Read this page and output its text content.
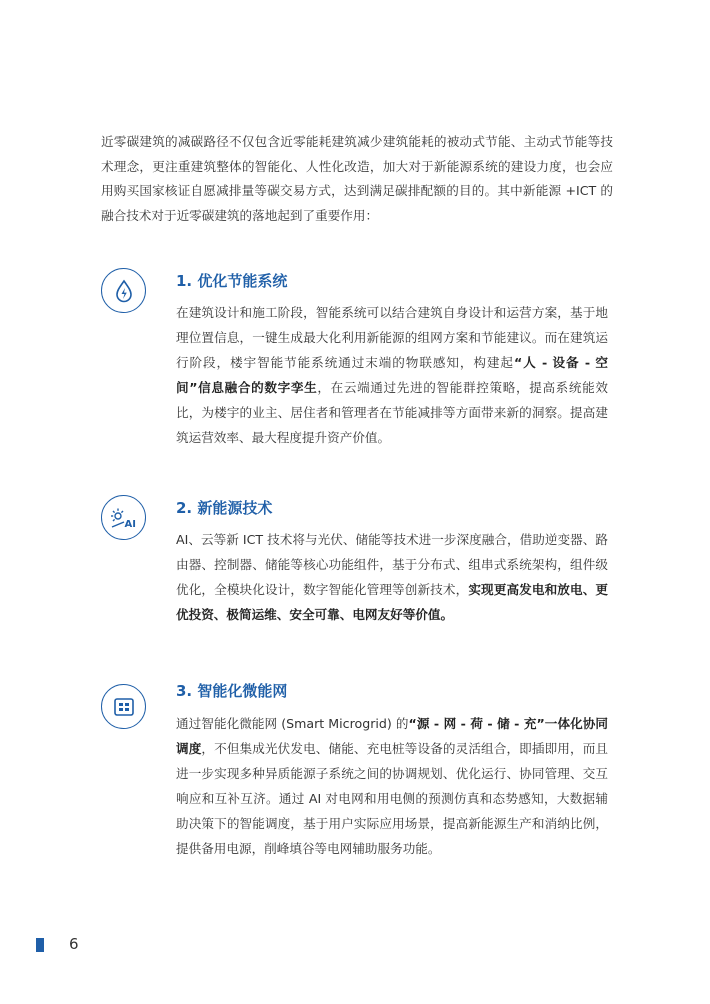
近零碳建筑的减碳路径不仅包含近零能耗建筑减少建筑能耗的被动式节能、主动式节能等技术理念，更注重建筑整体的智能化、人性化改造，加大对于新能源系统的建设力度，也会应用购买国家核证自愿减排量等碳交易方式，达到满足碳排配额的目的。其中新能源 +ICT 的融合技术对于近零碳建筑的落地起到了重要作用：
1. 优化节能系统
在建筑设计和施工阶段，智能系统可以结合建筑自身设计和运营方案，基于地理位置信息，一键生成最大化利用新能源的组网方案和节能建议。而在建筑运行阶段，楼宇智能节能系统通过末端的物联感知，构建起“人 - 设备 - 空间”信息融合的数字孪生，在云端通过先进的智能群控策略，提高系统能效比，为楼宇的业主、居住者和管理者在节能减排等方面带来新的洞察。提高建筑运营效率、最大程度提升资产价值。
AI
2. 新能源技术
AI、云等新 ICT 技术将与光伏、储能等技术进一步深度融合，借助逆变器、路由器、控制器、储能等核心功能组件，基于分布式、组串式系统架构，组件级优化，全模块化设计，数字智能化管理等创新技术，实现更高发电和放电、更优投资、极简运维、安全可靠、电网友好等价值。
3. 智能化微能网
通过智能化微能网 (Smart Microgrid) 的“源 - 网 - 荷 - 储 - 充”一体化协同调度，不但集成光伏发电、储能、充电桩等设备的灵活组合，即插即用，而且进一步实现多种异质能源子系统之间的协调规划、优化运行、协同管理、交互响应和互补互济。通过 AI 对电网和用电侧的预测仿真和态势感知，大数据辅助决策下的智能调度，基于用户实际应用场景，提高新能源生产和消纳比例，提供备用电源，削峰填谷等电网辅助服务功能。
6
